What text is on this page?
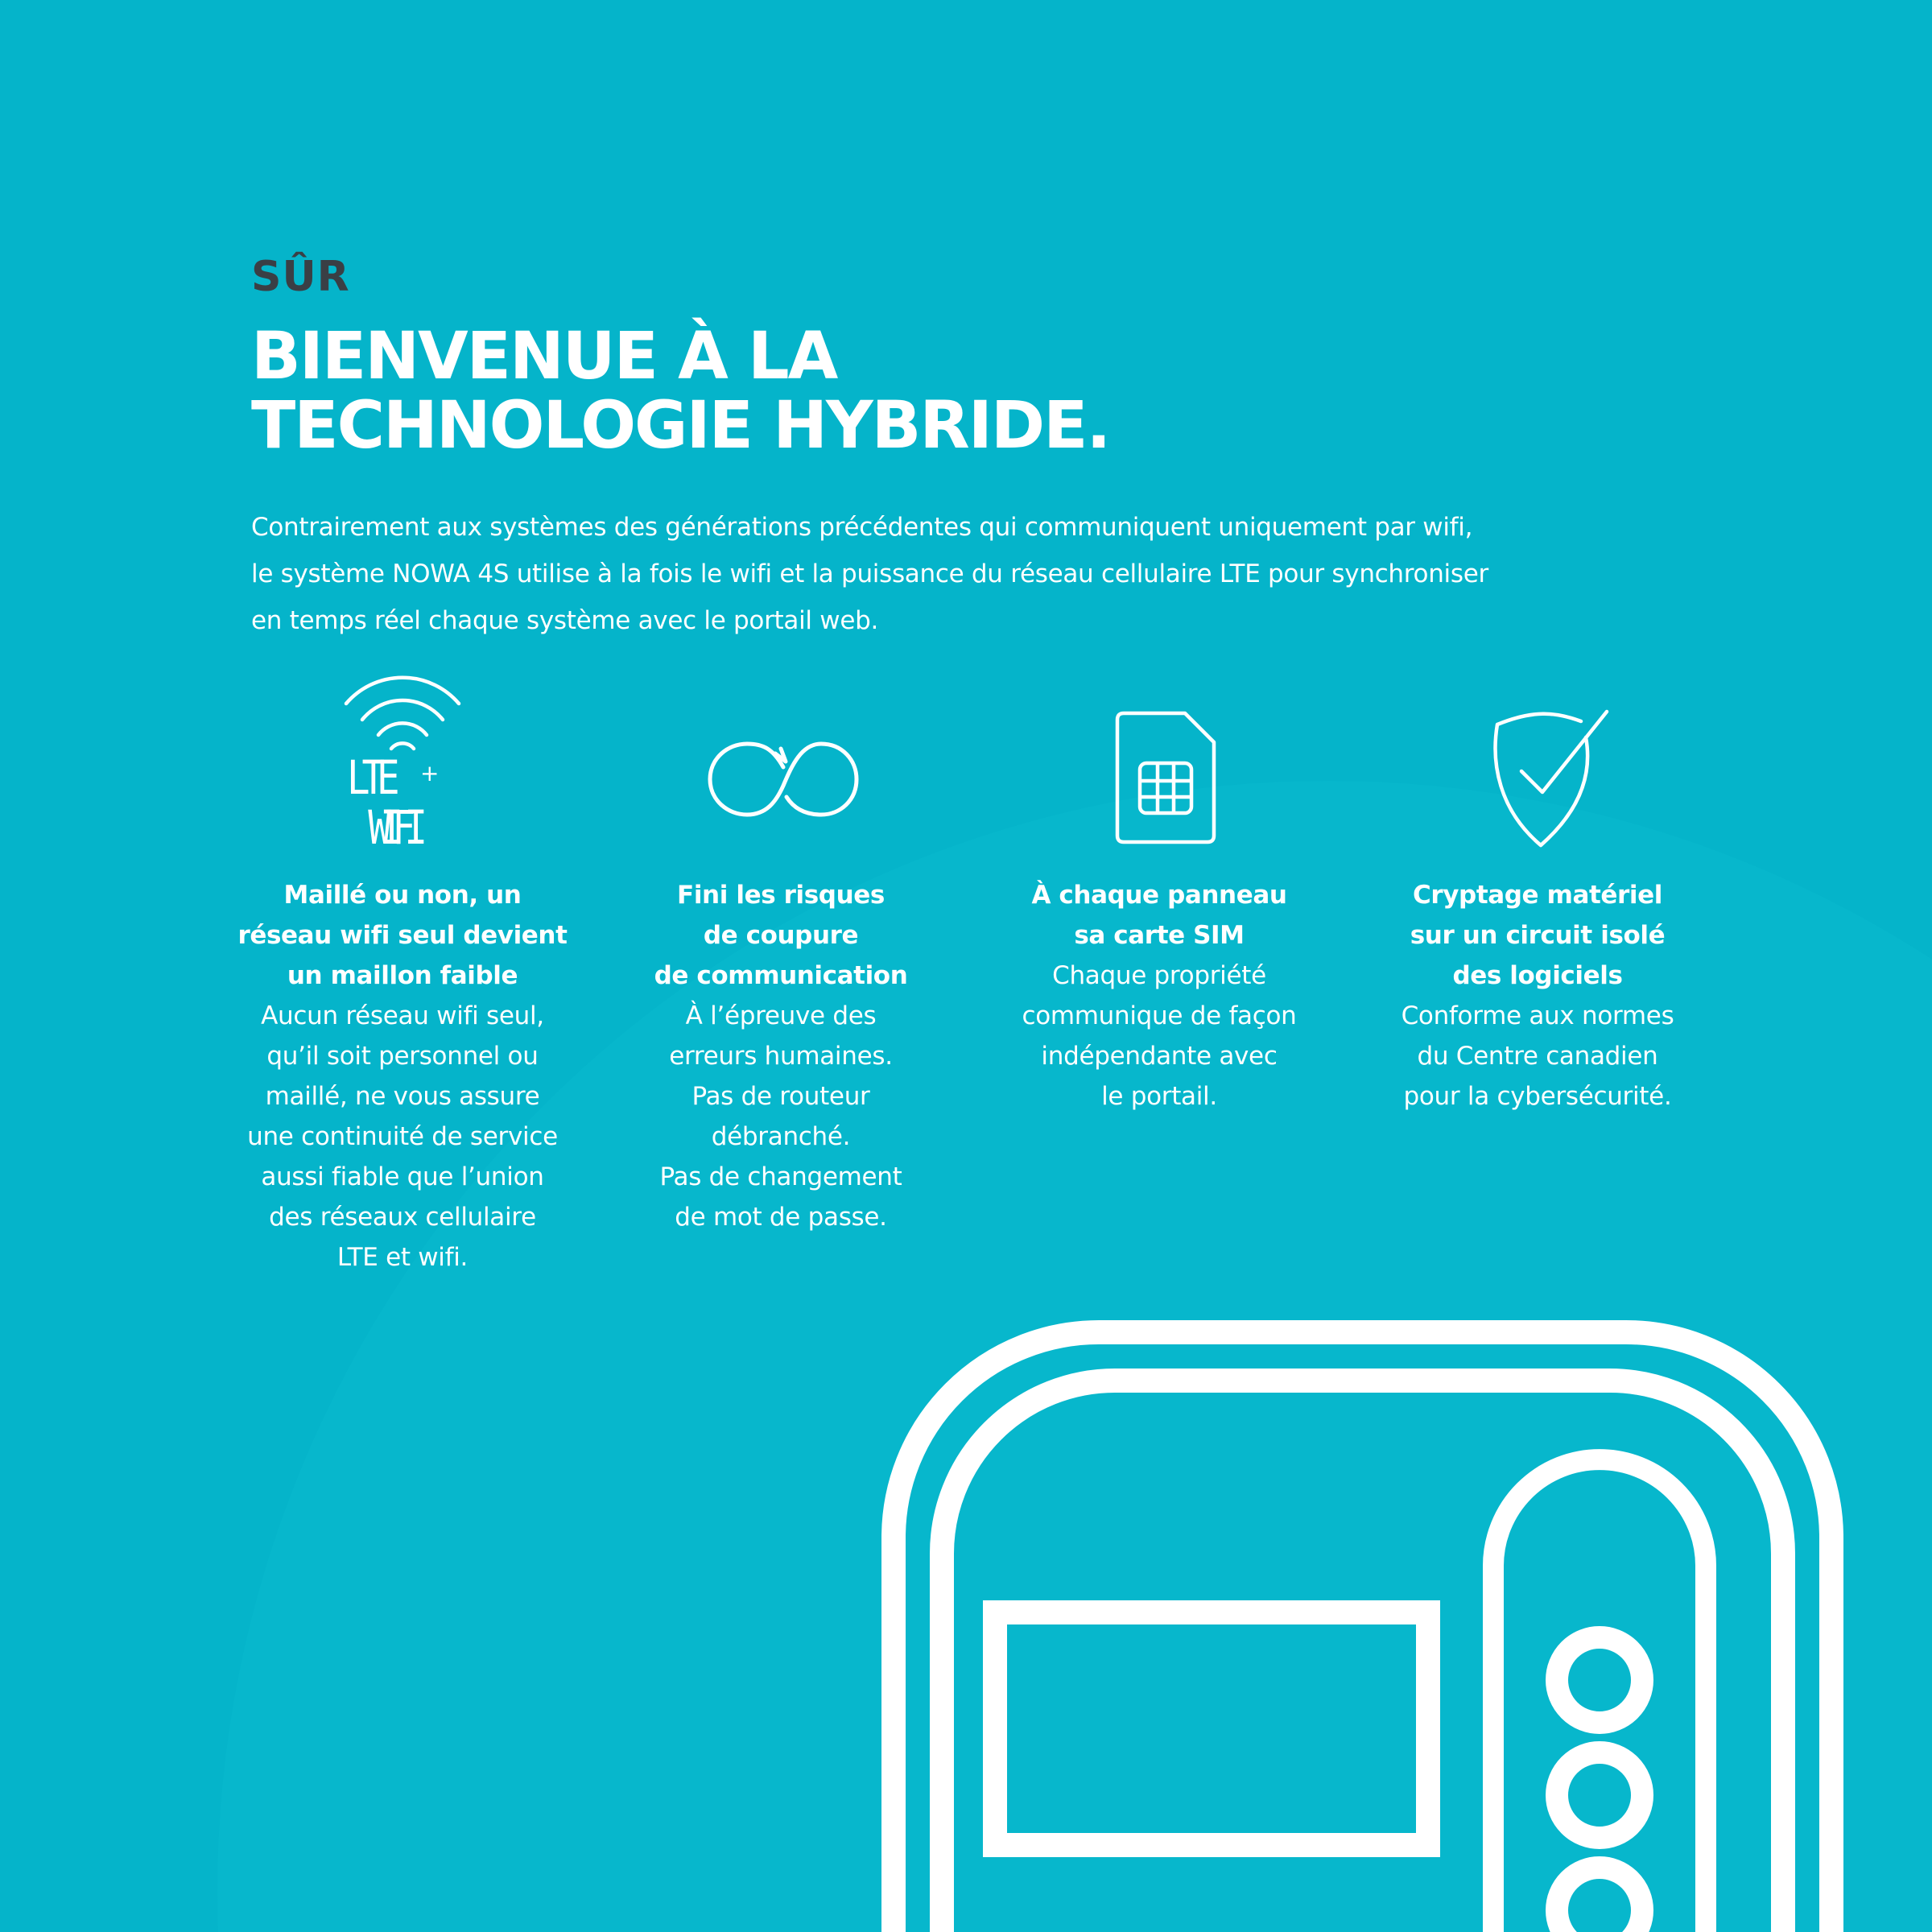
SÛR
BIENVENUE À LA
TECHNOLOGIE HYBRIDE.

Contrairement aux systèmes des générations précédentes qui communiquent uniquement par wifi,
le système NOWA 4S utilise à la fois le wifi et la puissance du réseau cellulaire LTE pour synchroniser
en temps réel chaque système avec le portail web.

LTE +
WIFI

Maillé ou non, un
réseau wifi seul devient
un maillon faible

Aucun réseau wifi seul,
qu’il soit personnel ou
maillé, ne vous assure
une continuité de service
aussi fiable que l’union
des réseaux cellulaire
LTE et wifi.

Fini les risques
de coupure
de communication

À l’épreuve des
erreurs humaines.
Pas de routeur
débranché.
Pas de changement
de mot de passe.

À chaque panneau
sa carte SIM

Chaque propriété
communique de façon
indépendante avec
le portail.

Cryptage matériel
sur un circuit isolé
des logiciels

Conforme aux normes
du Centre canadien
pour la cybersécurité.
